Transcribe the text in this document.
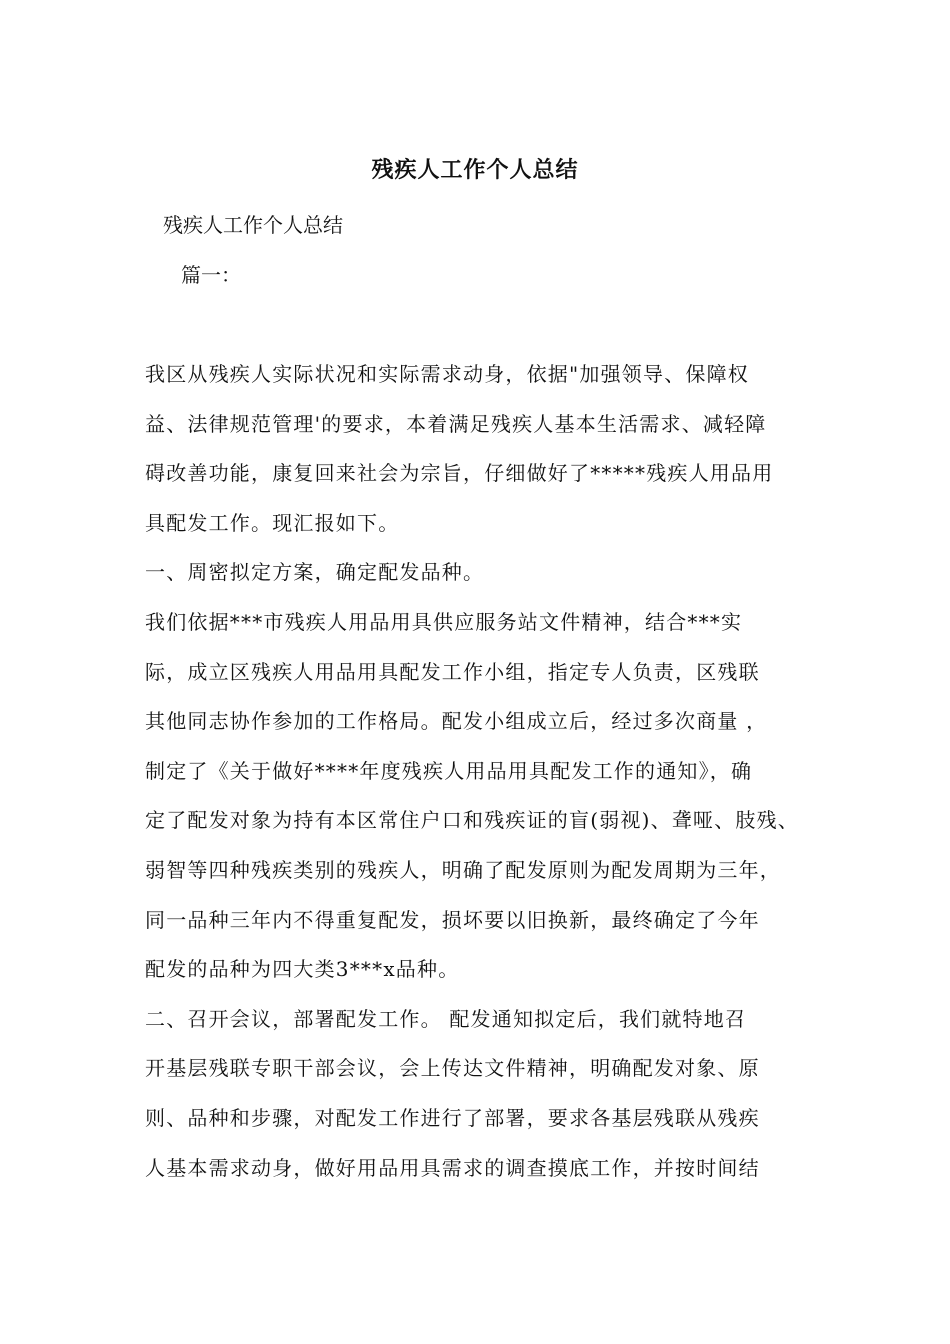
残疾人工作个人总结
残疾人工作个人总结
篇一：
我区从残疾人实际状况和实际需求动身，依据"加强领导、保障权
益、法律规范管理'的要求，本着满足残疾人基本生活需求、减轻障
碍改善功能，康复回来社会为宗旨，仔细做好了*****残疾人用品用
具配发工作。现汇报如下。
一、周密拟定方案，确定配发品种。
我们依据***市残疾人用品用具供应服务站文件精神，结合***实
际，成立区残疾人用品用具配发工作小组，指定专人负责，区残联
其他同志协作参加的工作格局。配发小组成立后，经过多次商量 ，
制定了《关于做好****年度残疾人用品用具配发工作的通知》，确
定了配发对象为持有本区常住户口和残疾证的盲(弱视)、聋哑、肢残、
弱智等四种残疾类别的残疾人，明确了配发原则为配发周期为三年，
同一品种三年内不得重复配发，损坏要以旧换新，最终确定了今年
配发的品种为四大类3***x品种。
二、召开会议，部署配发工作。 配发通知拟定后，我们就特地召
开基层残联专职干部会议，会上传达文件精神，明确配发对象、原
则、品种和步骤，对配发工作进行了部署，要求各基层残联从残疾
人基本需求动身，做好用品用具需求的调查摸底工作，并按时间结
